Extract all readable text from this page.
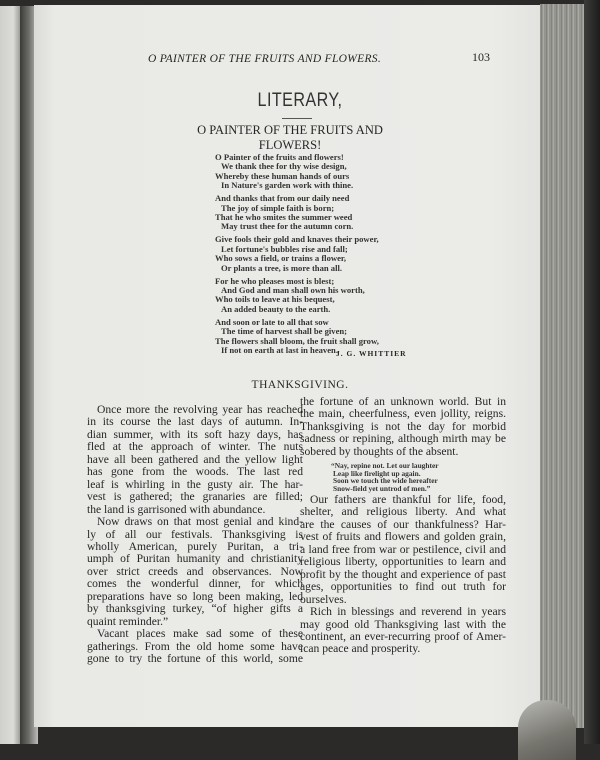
O PAINTER OF THE FRUITS AND FLOWERS.	103
LITERARY,
O PAINTER OF THE FRUITS AND
FLOWERS!
O Painter of the fruits and flowers!
We thank thee for thy wise design,
Whereby these human hands of ours
In Nature's garden work with thine.
And thanks that from our daily need
The joy of simple faith is born;
That he who smites the summer weed
May trust thee for the autumn corn.
Give fools their gold and knaves their power,
Let fortune's bubbles rise and fall;
Who sows a field, or trains a flower,
Or plants a tree, is more than all.
For he who pleases most is blest;
And God and man shall own his worth,
Who toils to leave at his bequest,
An added beauty to the earth.
And soon or late to all that sow
The time of harvest shall be given;
The flowers shall bloom, the fruit shall grow,
If not on earth at last in heaven.
J. G. WHITTIER
THANKSGIVING.
Once more the revolving year has reached
in its course the last days of autumn. In-
dian summer, with its soft hazy days, has
fled at the approach of winter. The nuts
have all been gathered and the yellow light
has gone from the woods. The last red
leaf is whirling in the gusty air. The har-
vest is gathered; the granaries are filled;
the land is garrisoned with abundance.
Now draws on that most genial and kind-
ly of all our festivals. Thanksgiving is
wholly American, purely Puritan, a tri-
umph of Puritan humanity and christianity
over strict creeds and observances. Now
comes the wonderful dinner, for which
preparations have so long been making, led
by thanksgiving turkey, “of higher gifts a
quaint reminder.”
Vacant places make sad some of these
gatherings. From the old home some have
gone to try the fortune of this world, some
the fortune of an unknown world. But in
the main, cheerfulness, even jollity, reigns.
Thanksgiving is not the day for morbid
sadness or repining, although mirth may be
sobered by thoughts of the absent.
“Nay, repine not. Let our laughter
Leap like firelight up again.
Soon we touch the wide hereafter
Snow-field yet untrod of men.”
Our fathers are thankful for life, food,
shelter, and religious liberty. And what
are the causes of our thankfulness? Har-
vest of fruits and flowers and golden grain,
a land free from war or pestilence, civil and
religious liberty, opportunities to learn and
profit by the thought and experience of past
ages, opportunities to find out truth for
ourselves.
Rich in blessings and reverend in years
may good old Thanksgiving last with the
continent, an ever-recurring proof of Amer-
ican peace and prosperity.
